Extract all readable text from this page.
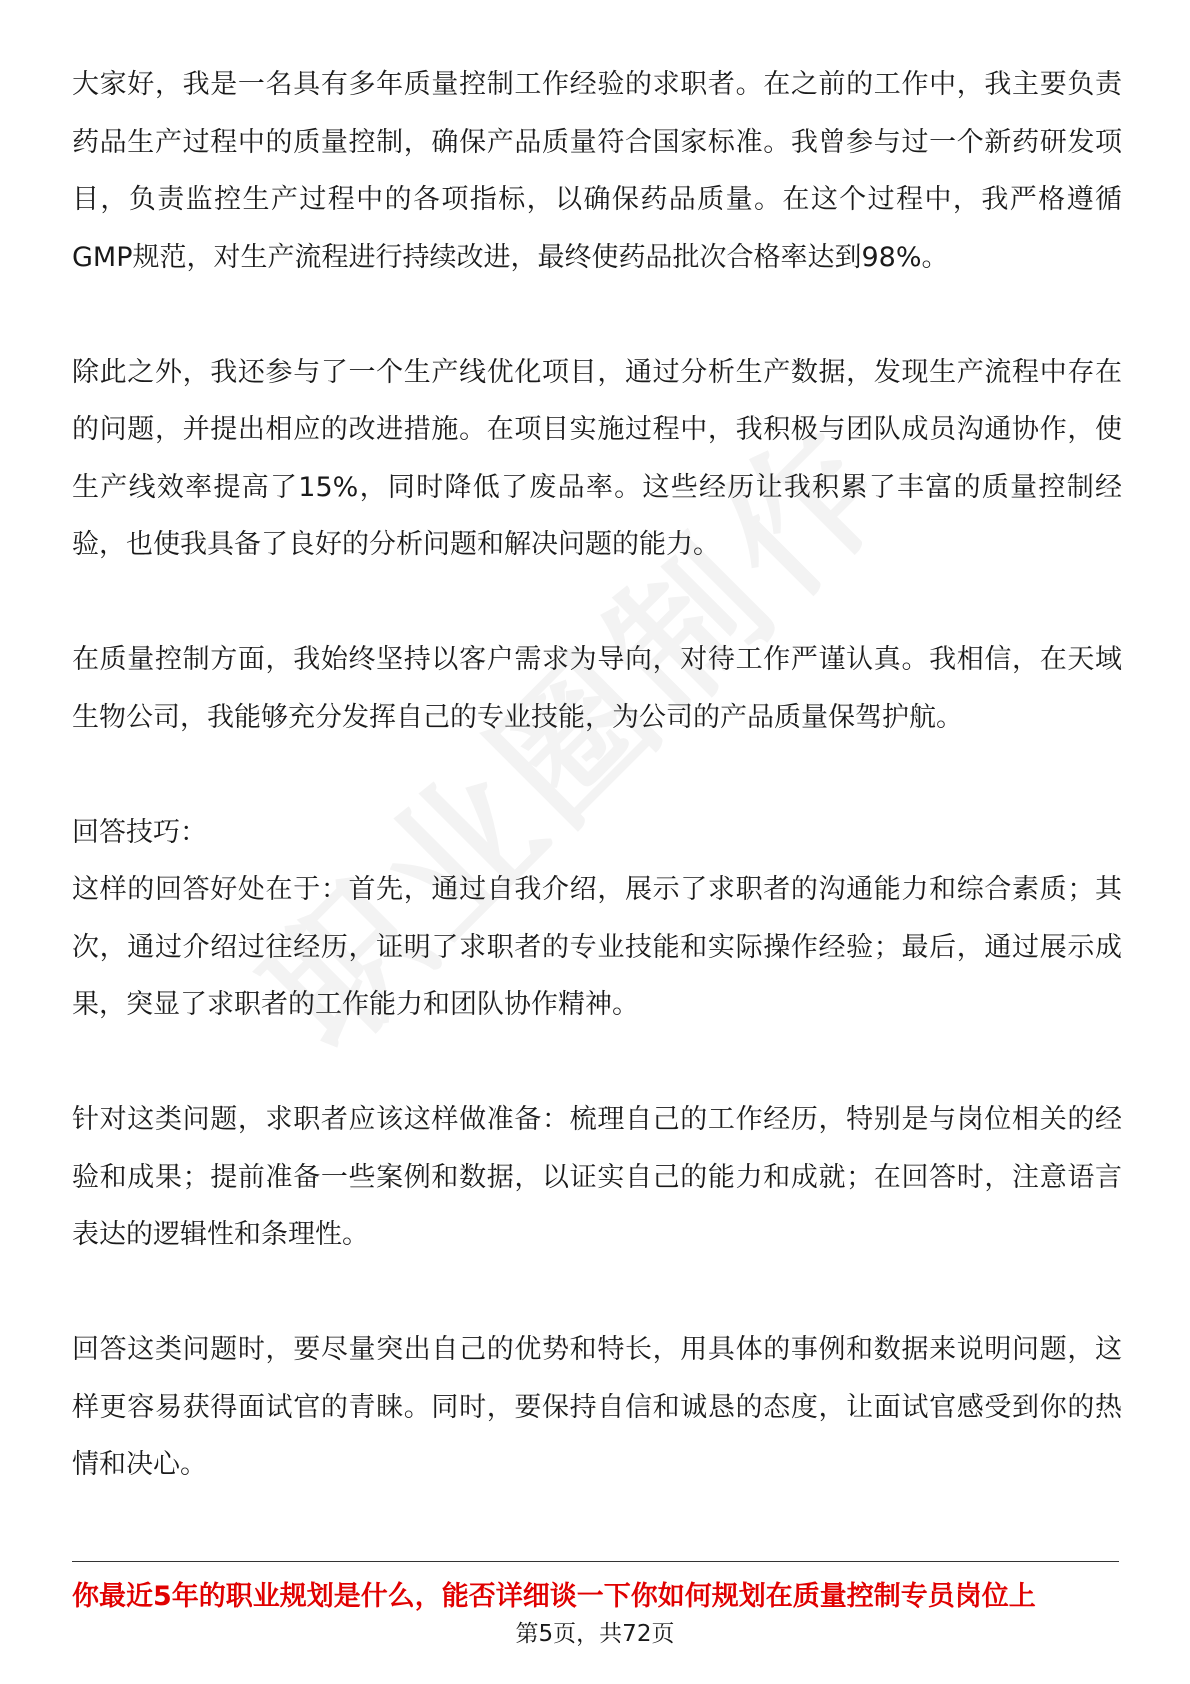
大家好，我是一名具有多年质量控制工作经验的求职者。在之前的工作中，我主要负责药品生产过程中的质量控制，确保产品质量符合国家标准。我曾参与过一个新药研发项目，负责监控生产过程中的各项指标，以确保药品质量。在这个过程中，我严格遵循GMP规范，对生产流程进行持续改进，最终使药品批次合格率达到98%。

除此之外，我还参与了一个生产线优化项目，通过分析生产数据，发现生产流程中存在的问题，并提出相应的改进措施。在项目实施过程中，我积极与团队成员沟通协作，使生产线效率提高了15%，同时降低了废品率。这些经历让我积累了丰富的质量控制经验，也使我具备了良好的分析问题和解决问题的能力。

在质量控制方面，我始终坚持以客户需求为导向，对待工作严谨认真。我相信，在天域生物公司，我能够充分发挥自己的专业技能，为公司的产品质量保驾护航。

回答技巧：

这样的回答好处在于：首先，通过自我介绍，展示了求职者的沟通能力和综合素质；其次，通过介绍过往经历，证明了求职者的专业技能和实际操作经验；最后，通过展示成果，突显了求职者的工作能力和团队协作精神。

针对这类问题，求职者应该这样做准备：梳理自己的工作经历，特别是与岗位相关的经验和成果；提前准备一些案例和数据，以证实自己的能力和成就；在回答时，注意语言表达的逻辑性和条理性。

回答这类问题时，要尽量突出自己的优势和特长，用具体的事例和数据来说明问题，这样更容易获得面试官的青睐。同时，要保持自信和诚恳的态度，让面试官感受到你的热情和决心。

你最近5年的职业规划是什么，能否详细谈一下你如何规划在质量控制专员岗位上
第5页，共72页
